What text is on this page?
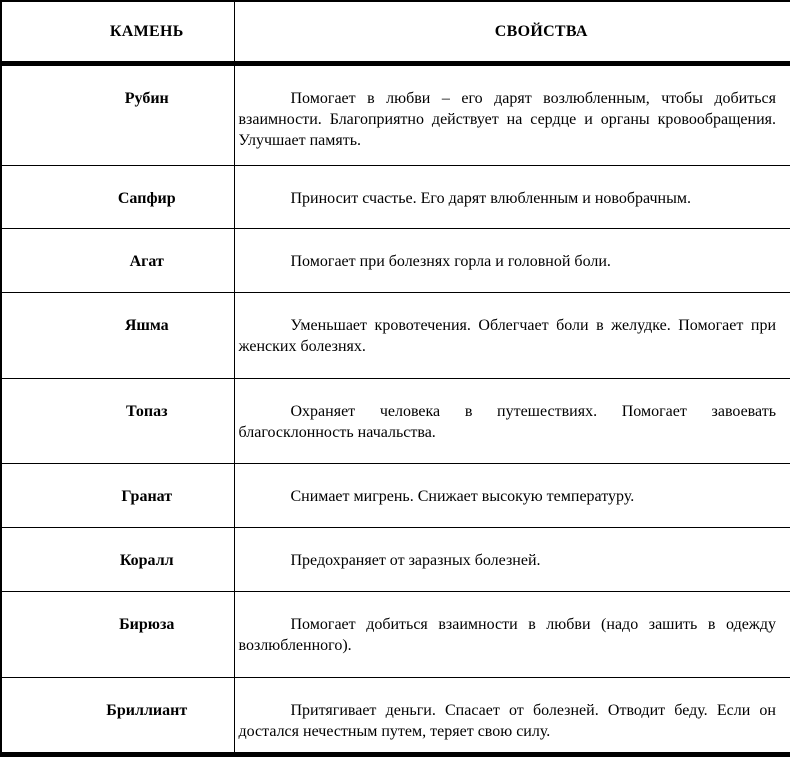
КАМЕНЬ	СВОЙСТВА
Рубин	Помогает в любви – его дарят возлюбленным, чтобы добиться взаимности. Благоприятно действует на сердце и органы кровообращения. Улучшает память.
Сапфир	Приносит счастье. Его дарят влюбленным и новобрачным.
Агат	Помогает при болезнях горла и головной боли.
Яшма	Уменьшает кровотечения. Облегчает боли в желудке. Помогает при женских болезнях.
Топаз	Охраняет человека в путешествиях. Помогает завоевать благосклонность начальства.
Гранат	Снимает мигрень. Снижает высокую температуру.
Коралл	Предохраняет от заразных болезней.
Бирюза	Помогает добиться взаимности в любви (надо зашить в одежду возлюбленного).
Бриллиант	Притягивает деньги. Спасает от болезней. Отводит беду. Если он достался нечестным путем, теряет свою силу.
